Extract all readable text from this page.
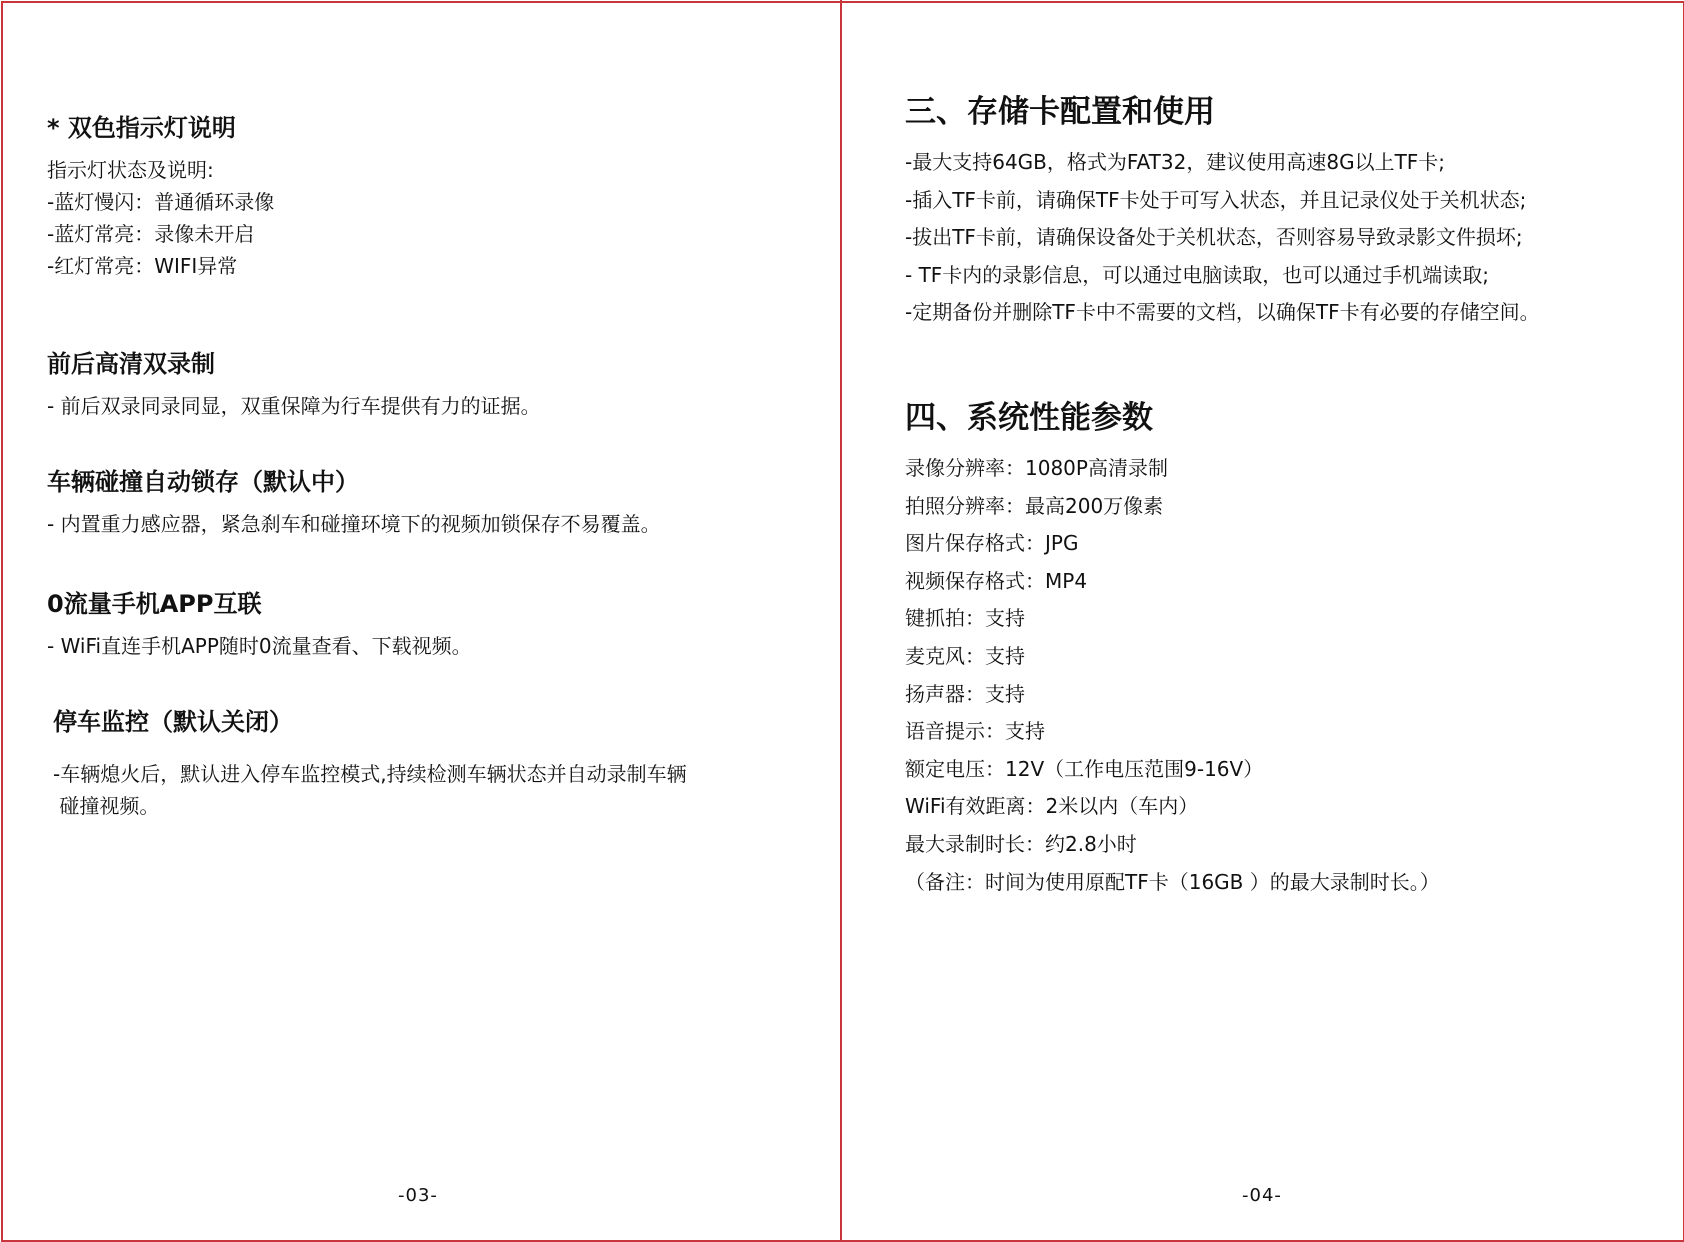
* 双色指示灯说明

指示灯状态及说明:

-蓝灯慢闪：普通循环录像

-蓝灯常亮：录像未开启

-红灯常亮：WIFI异常

前后高清双录制

- 前后双录同录同显，双重保障为行车提供有力的证据。

车辆碰撞自动锁存（默认中）

- 内置重力感应器，紧急刹车和碰撞环境下的视频加锁保存不易覆盖。

0流量手机APP互联

- WiFi直连手机APP随时0流量查看、下载视频。

停车监控（默认关闭）

-车辆熄火后，默认进入停车监控模式,持续检测车辆状态并自动录制车辆

碰撞视频。

-03-
三、存储卡配置和使用

-最大支持64GB，格式为FAT32，建议使用高速8G以上TF卡;

-插入TF卡前，请确保TF卡处于可写入状态，并且记录仪处于关机状态;

-拔出TF卡前，请确保设备处于关机状态，否则容易导致录影文件损坏;

- TF卡内的录影信息，可以通过电脑读取，也可以通过手机端读取;

-定期备份并删除TF卡中不需要的文档，以确保TF卡有必要的存储空间。

四、系统性能参数

录像分辨率：1080P高清录制

拍照分辨率：最高200万像素

图片保存格式：JPG

视频保存格式：MP4

键抓拍：支持

麦克风：支持

扬声器：支持

语音提示：支持

额定电压：12V（工作电压范围9-16V）

WiFi有效距离：2米以内（车内）

最大录制时长：约2.8小时

（备注：时间为使用原配TF卡（16GB ）的最大录制时长。）

-04-
